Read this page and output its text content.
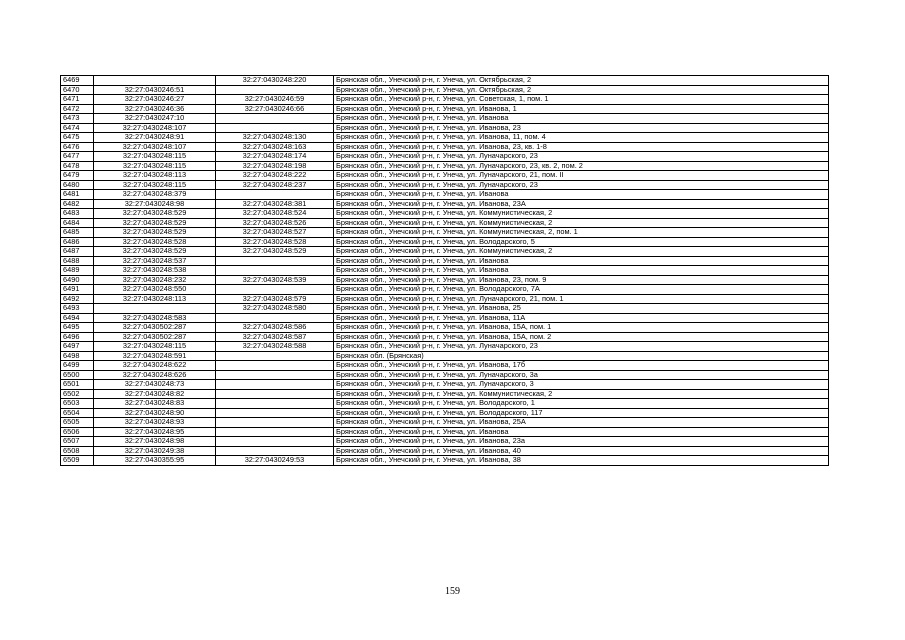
6469		32:27:0430248:220	Брянская обл., Унечский р-н, г. Унеча, ул. Октябрьская, 2
6470	32:27:0430246:51		Брянская обл., Унечский р-н, г. Унеча, ул. Октябрьская, 2
6471	32:27:0430246:27	32:27:0430246:59	Брянская обл., Унечский р-н, г. Унеча, ул. Советская, 1, пом. 1
6472	32:27:0430246:36	32:27:0430246:66	Брянская обл., Унечский р-н, г. Унеча, ул. Иванова, 1
6473	32:27:0430247:10		Брянская обл., Унечский р-н, г. Унеча, ул. Иванова
6474	32:27:0430248:107		Брянская обл., Унечский р-н, г. Унеча, ул. Иванова, 23
6475	32:27:0430248:91	32:27:0430248:130	Брянская обл., Унечский р-н, г. Унеча, ул. Иванова, 11, пом. 4
6476	32:27:0430248:107	32:27:0430248:163	Брянская обл., Унечский р-н, г. Унеча, ул. Иванова, 23, кв. 1-8
6477	32:27:0430248:115	32:27:0430248:174	Брянская обл., Унечский р-н, г. Унеча, ул. Луначарского, 23
6478	32:27:0430248:115	32:27:0430248:198	Брянская обл., Унечский р-н, г. Унеча, ул. Луначарского, 23, кв. 2, пом. 2
6479	32:27:0430248:113	32:27:0430248:222	Брянская обл., Унечский р-н, г. Унеча, ул. Луначарского, 21, пом. II
6480	32:27:0430248:115	32:27:0430248:237	Брянская обл., Унечский р-н, г. Унеча, ул. Луначарского, 23
6481	32:27:0430248:379		Брянская обл., Унечский р-н, г. Унеча, ул. Иванова
6482	32:27:0430248:98	32:27:0430248:381	Брянская обл., Унечский р-н, г. Унеча, ул. Иванова, 23А
6483	32:27:0430248:529	32:27:0430248:524	Брянская обл., Унечский р-н, г. Унеча, ул. Коммунистическая, 2
6484	32:27:0430248:529	32:27:0430248:526	Брянская обл., Унечский р-н, г. Унеча, ул. Коммунистическая, 2
6485	32:27:0430248:529	32:27:0430248:527	Брянская обл., Унечский р-н, г. Унеча, ул. Коммунистическая, 2, пом. 1
6486	32:27:0430248:528	32:27:0430248:528	Брянская обл., Унечский р-н, г. Унеча, ул. Володарского, 5
6487	32:27:0430248:529	32:27:0430248:529	Брянская обл., Унечский р-н, г. Унеча, ул. Коммунистическая, 2
6488	32:27:0430248:537		Брянская обл., Унечский р-н, г. Унеча, ул. Иванова
6489	32:27:0430248:538		Брянская обл., Унечский р-н, г. Унеча, ул. Иванова
6490	32:27:0430248:232	32:27:0430248:539	Брянская обл., Унечский р-н, г. Унеча, ул. Иванова, 23, пом. 9
6491	32:27:0430248:550		Брянская обл., Унечский р-н, г. Унеча, ул. Володарского, 7А
6492	32:27:0430248:113	32:27:0430248:579	Брянская обл., Унечский р-н, г. Унеча, ул. Луначарского, 21, пом. 1
6493		32:27:0430248:580	Брянская обл., Унечский р-н, г. Унеча, ул. Иванова, 25
6494	32:27:0430248:583		Брянская обл., Унечский р-н, г. Унеча, ул. Иванова, 11А
6495	32:27:0430502:287	32:27:0430248:586	Брянская обл., Унечский р-н, г. Унеча, ул. Иванова, 15А, пом. 1
6496	32:27:0430502:287	32:27:0430248:587	Брянская обл., Унечский р-н, г. Унеча, ул. Иванова, 15А, пом. 2
6497	32:27:0430248:115	32:27:0430248:588	Брянская обл., Унечский р-н, г. Унеча, ул. Луначарского, 23
6498	32:27:0430248:591		Брянская обл. (Брянская)
6499	32:27:0430248:622		Брянская обл., Унечский р-н, г. Унеча, ул. Иванова, 17б
6500	32:27:0430248:626		Брянская обл., Унечский р-н, г. Унеча, ул. Луначарского, 3а
6501	32:27:0430248:73		Брянская обл., Унечский р-н, г. Унеча, ул. Луначарского, 3
6502	32:27:0430248:82		Брянская обл., Унечский р-н, г. Унеча, ул. Коммунистическая, 2
6503	32:27:0430248:83		Брянская обл., Унечский р-н, г. Унеча, ул. Володарского, 1
6504	32:27:0430248:90		Брянская обл., Унечский р-н, г. Унеча, ул. Володарского, 117
6505	32:27:0430248:93		Брянская обл., Унечский р-н, г. Унеча, ул. Иванова, 25А
6506	32:27:0430248:95		Брянская обл., Унечский р-н, г. Унеча, ул. Иванова
6507	32:27:0430248:98		Брянская обл., Унечский р-н, г. Унеча, ул. Иванова, 23а
6508	32:27:0430249:38		Брянская обл., Унечский р-н, г. Унеча, ул. Иванова, 40
6509	32:27:0430355:95	32:27:0430249:53	Брянская обл., Унечский р-н, г. Унеча, ул. Иванова, 38
159
